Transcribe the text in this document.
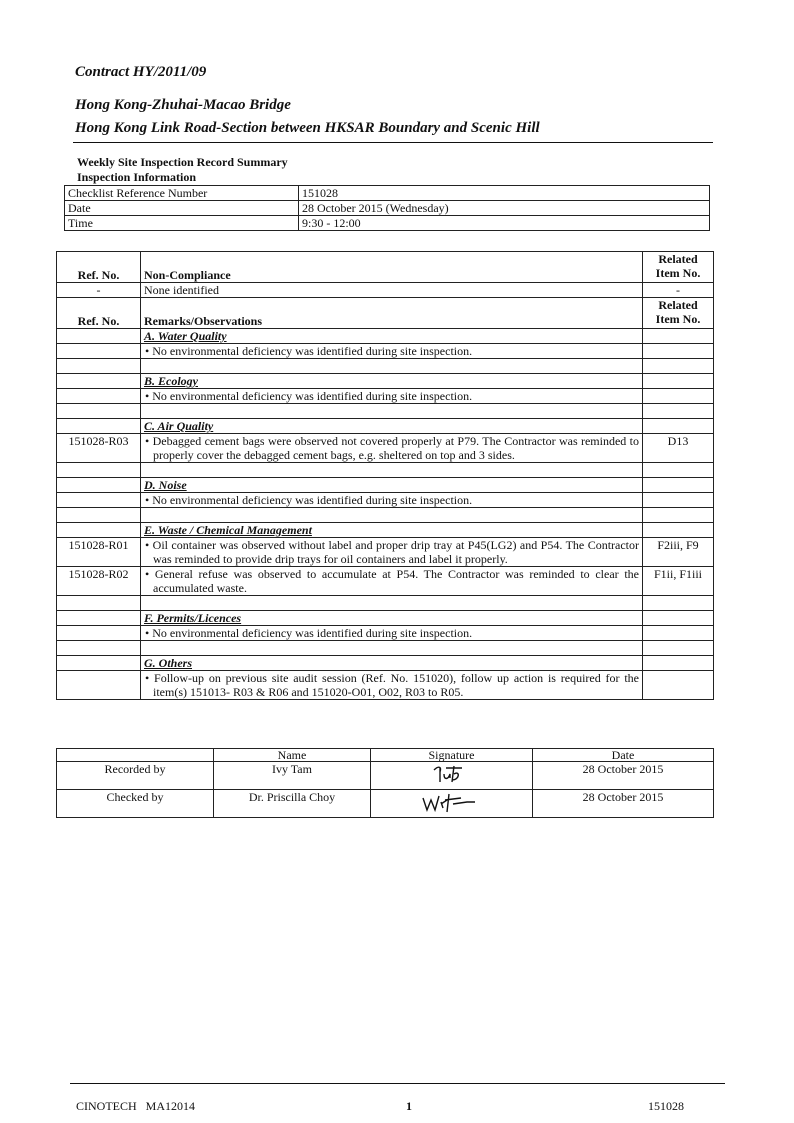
Contract HY/2011/09
Hong Kong-Zhuhai-Macao Bridge
Hong Kong Link Road-Section between HKSAR Boundary and Scenic Hill
Weekly Site Inspection Record Summary
Inspection Information
Checklist Reference Number	151028
Date	28 October 2015 (Wednesday)
Time	9:30 - 12:00
Ref. No.	Non-Compliance	Related
Item No.

-	None identified	-
Ref. No.	Remarks/Observations	Related
Item No.

	A. Water Quality	
	• No environmental deficiency was identified during site inspection.	

	B. Ecology	
	• No environmental deficiency was identified during site inspection.	

	C. Air Quality	
151028-R03	• Debagged cement bags were observed not covered properly at P79. The Contractor was reminded to properly cover the debagged cement bags, e.g. sheltered on top and 3 sides.	D13

	D. Noise	
	• No environmental deficiency was identified during site inspection.	

	E. Waste / Chemical Management	
151028-R01	• Oil container was observed without label and proper drip tray at P45(LG2) and P54. The Contractor was reminded to provide drip trays for oil containers and label it properly.	F2iii, F9
151028-R02	• General refuse was observed to accumulate at P54. The Contractor was reminded to clear the accumulated waste.	F1ii, F1iii

	F. Permits/Licences	
	• No environmental deficiency was identified during site inspection.	

	G. Others	
	• Follow-up on previous site audit session (Ref. No. 151020), follow up action is required for the item(s) 151013- R03 & R06 and 151020-O01, O02, R03 to R05.	
	Name	Signature	Date
Recorded by	Ivy Tam		28 October 2015
Checked by	Dr. Priscilla Choy		28 October 2015
CINOTECH MA12014	1	151028
